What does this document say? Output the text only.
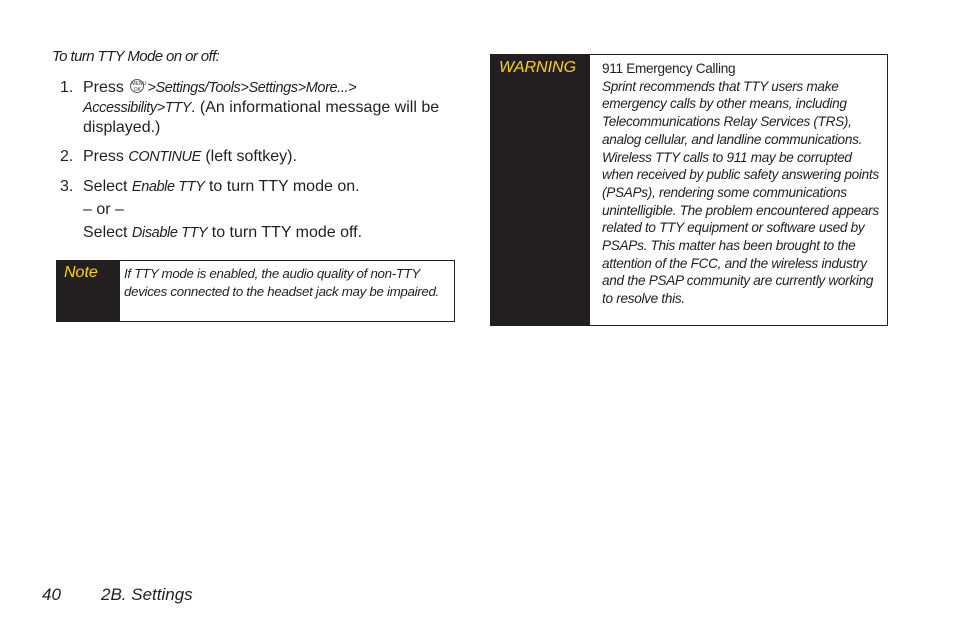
To turn TTY Mode on or off:
1. Press MENU
OK >Settings/Tools>Settings>More...> Accessibility>TTY. (An informational message will be displayed.)
2. Press CONTINUE (left softkey).
3. Select Enable TTY to turn TTY mode on.
– or –
Select Disable TTY to turn TTY mode off.
Note	If TTY mode is enabled, the audio quality of non-TTY devices connected to the headset jack may be impaired.
WARNING	911 Emergency Calling
Sprint recommends that TTY users make emergency calls by other means, including Telecommunications Relay Services (TRS), analog cellular, and landline communications. Wireless TTY calls to 911 may be corrupted when received by public safety answering points (PSAPs), rendering some communications unintelligible. The problem encountered appears related to TTY equipment or software used by PSAPs. This matter has been brought to the attention of the FCC, and the wireless industry and the PSAP community are currently working to resolve this.
40 2B. Settings
